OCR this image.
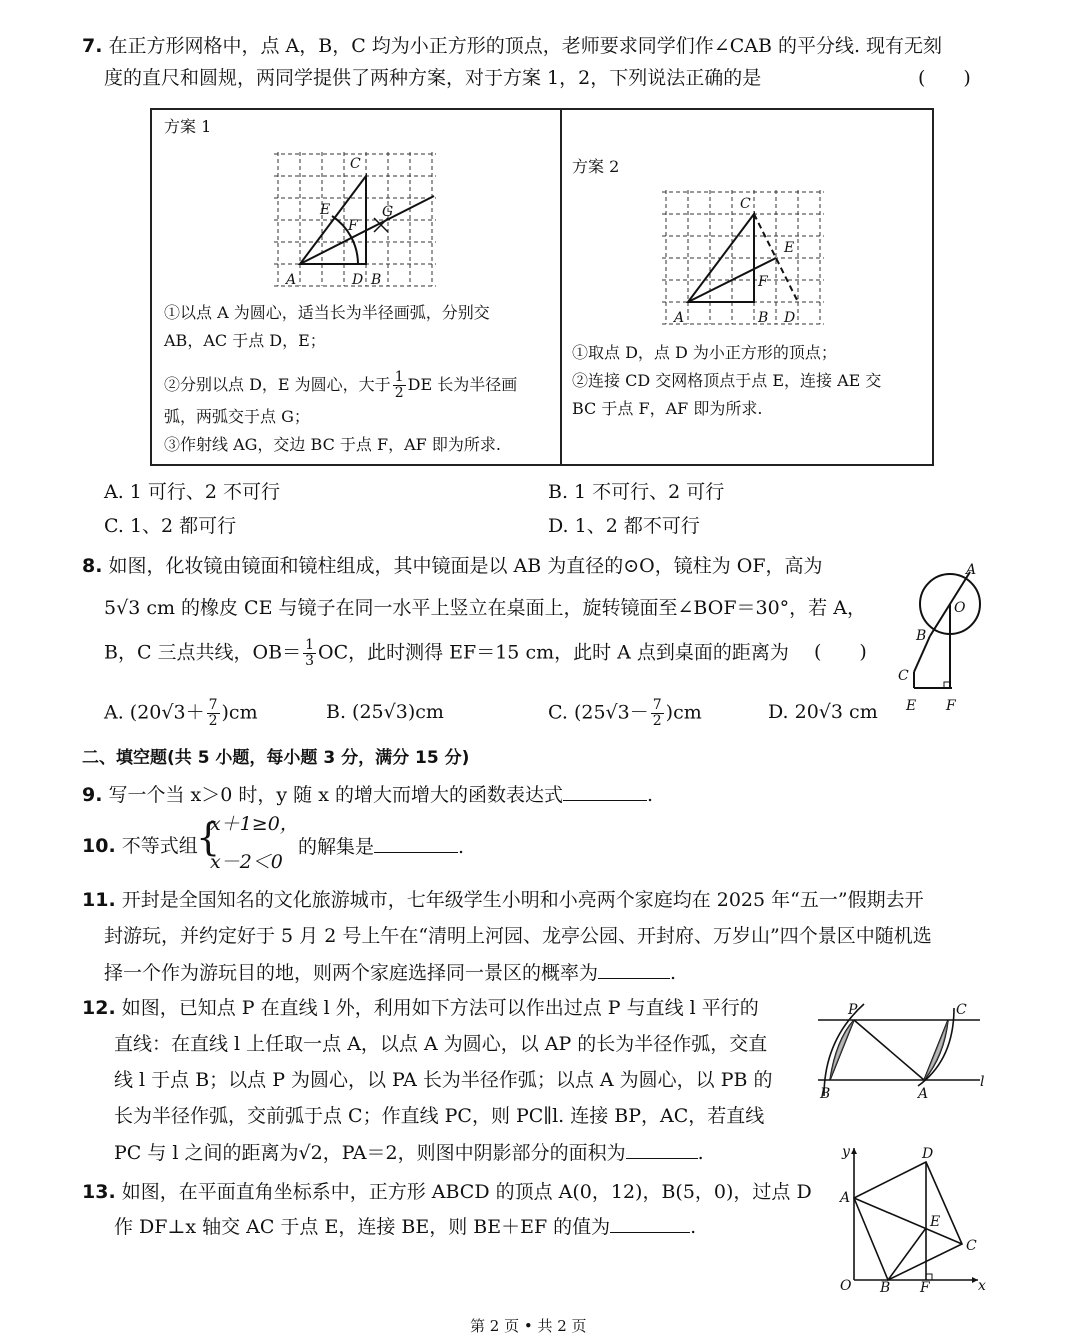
7. 在正方形网格中，点 A，B，C 均为小正方形的顶点，老师要求同学们作∠CAB 的平分线. 现有无刻
度的直尺和圆规，两同学提供了两种方案，对于方案 1，2，下列说法正确的是	(　　)
方案 1
方案 2
A	D B
C
E
F
G
①以点 A 为圆心，适当长为半径画弧，分别交
AB，AC 于点 D，E；
②分别以点 D，E 为圆心，大于 $\frac{1}{2}$ DE 长为半径画
弧，两弧交于点 G；
③作射线 AG，交边 BC 于点 F，AF 即为所求.
A	B D
C
E
F
①取点 D，点 D 为小正方形的顶点；
②连接 CD 交网格顶点于点 E，连接 AE 交
BC 于点 F，AF 即为所求.
A. 1 可行、2 不可行	B. 1 不可行、2 可行
C. 1、2 都可行	D. 1、2 都不可行
8. 如图，化妆镜由镜面和镜柱组成，其中镜面是以 AB 为直径的⊙O，镜柱为 OF，高为
5√3 cm 的橡皮 CE 与镜子在同一水平上竖立在桌面上，旋转镜面至∠BOF＝30°，若 A，
B，C 三点共线，$OB= \frac{1}{3}$ OC，此时测得 EF＝15 cm，此时 A 点到桌面的距离为 (　　)
A. $(20√3+ \frac{7}{2} )cm$	B. (25√3)cm	C. $(25√3- \frac{7}{2} )cm$	D. 20√3 cm
A
O
B
C
E F
二、填空题(共 5 小题，每小题 3 分，满分 15 分)
9. 写一个当 x＞0 时，y 随 x 的增大而增大的函数表达式	.
10. 不等式组
{
x＋1≥0，
x－2＜0
的解集是	.
11. 开封是全国知名的文化旅游城市，七年级学生小明和小亮两个家庭均在 2025 年“五一”假期去开
封游玩，并约定好于 5 月 2 号上午在“清明上河园、龙亭公园、开封府、万岁山”四个景区中随机选
择一个作为游玩目的地，则两个家庭选择同一景区的概率为	.
12. 如图，已知点 P 在直线 l 外，利用如下方法可以作出过点 P 与直线 l 平行的
直线：在直线 l 上任取一点 A，以点 A 为圆心，以 AP 的长为半径作弧，交直
线 l 于点 B；以点 P 为圆心，以 PA 长为半径作弧；以点 A 为圆心，以 PB 的
长为半径作弧，交前弧于点 C；作直线 PC，则 PC∥l. 连接 BP，AC，若直线
PC 与 l 之间的距离为√2，PA＝2，则图中阴影部分的面积为	.
P	C
B	A
l
13. 如图，在平面直角坐标系中，正方形 ABCD 的顶点 A(0，12)，B(5，0)，过点 D
作 DF⊥x 轴交 AC 于点 E，连接 BE，则 BE＋EF 的值为	.
y
x
O
A
B F
C
D
E
第 2 页 • 共 2 页
